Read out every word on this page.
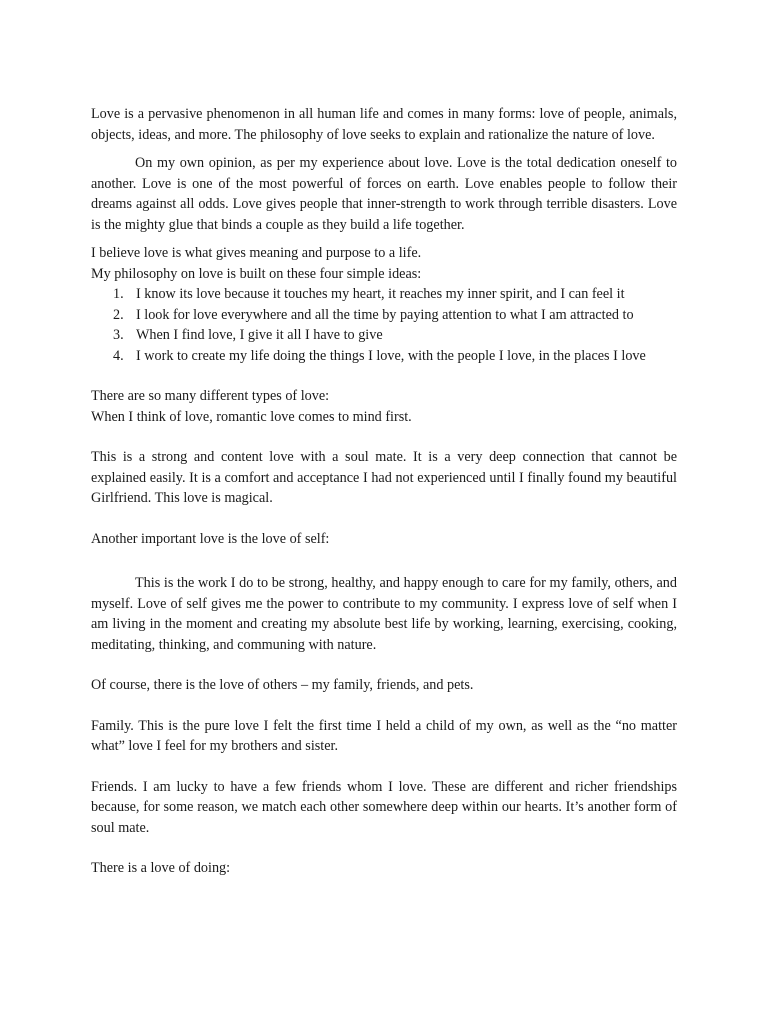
Love is a pervasive phenomenon in all human life and comes in many forms: love of people, animals, objects, ideas, and more. The philosophy of love seeks to explain and rationalize the nature of love.

On my own opinion, as per my experience about love. Love is the total dedication oneself to another. Love is one of the most powerful of forces on earth. Love enables people to follow their dreams against all odds. Love gives people that inner-strength to work through terrible disasters. Love is the mighty glue that binds a couple as they build a life together.

I believe love is what gives meaning and purpose to a life.

My philosophy on love is built on these four simple ideas:

1. I know its love because it touches my heart, it reaches my inner spirit, and I can feel it
2. I look for love everywhere and all the time by paying attention to what I am attracted to
3. When I find love, I give it all I have to give
4. I work to create my life doing the things I love, with the people I love, in the places I love

There are so many different types of love:

When I think of love, romantic love comes to mind first.

This is a strong and content love with a soul mate. It is a very deep connection that cannot be explained easily. It is a comfort and acceptance I had not experienced until I finally found my beautiful Girlfriend. This love is magical.

Another important love is the love of self:

This is the work I do to be strong, healthy, and happy enough to care for my family, others, and myself. Love of self gives me the power to contribute to my community. I express love of self when I am living in the moment and creating my absolute best life by working, learning, exercising, cooking, meditating, thinking, and communing with nature.

Of course, there is the love of others – my family, friends, and pets.

Family. This is the pure love I felt the first time I held a child of my own, as well as the “no matter what” love I feel for my brothers and sister.

Friends. I am lucky to have a few friends whom I love. These are different and richer friendships because, for some reason, we match each other somewhere deep within our hearts. It’s another form of soul mate.

There is a love of doing:
